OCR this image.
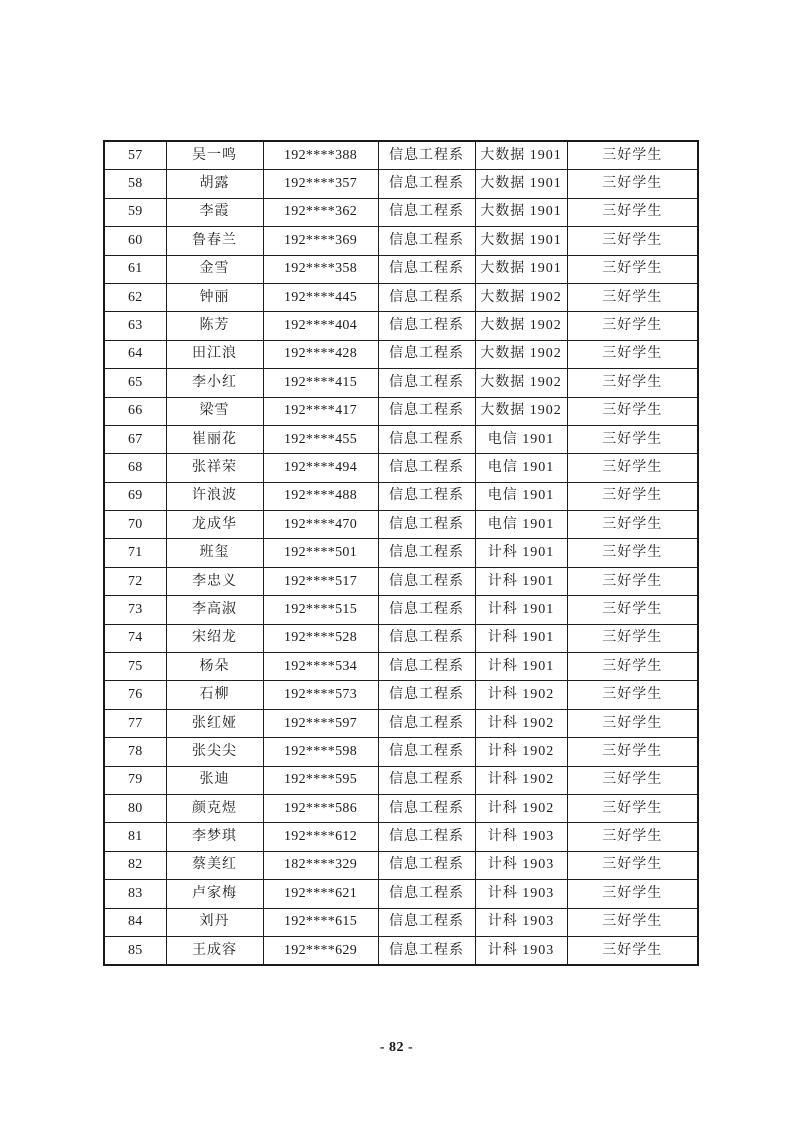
57	吴一鸣	192****388	信息工程系	大数据 1901	三好学生
58	胡露	192****357	信息工程系	大数据 1901	三好学生
59	李霞	192****362	信息工程系	大数据 1901	三好学生
60	鲁春兰	192****369	信息工程系	大数据 1901	三好学生
61	金雪	192****358	信息工程系	大数据 1901	三好学生
62	钟丽	192****445	信息工程系	大数据 1902	三好学生
63	陈芳	192****404	信息工程系	大数据 1902	三好学生
64	田江浪	192****428	信息工程系	大数据 1902	三好学生
65	李小红	192****415	信息工程系	大数据 1902	三好学生
66	梁雪	192****417	信息工程系	大数据 1902	三好学生
67	崔丽花	192****455	信息工程系	电信 1901	三好学生
68	张祥荣	192****494	信息工程系	电信 1901	三好学生
69	许浪波	192****488	信息工程系	电信 1901	三好学生
70	龙成华	192****470	信息工程系	电信 1901	三好学生
71	班玺	192****501	信息工程系	计科 1901	三好学生
72	李忠义	192****517	信息工程系	计科 1901	三好学生
73	李高淑	192****515	信息工程系	计科 1901	三好学生
74	宋绍龙	192****528	信息工程系	计科 1901	三好学生
75	杨朵	192****534	信息工程系	计科 1901	三好学生
76	石柳	192****573	信息工程系	计科 1902	三好学生
77	张红娅	192****597	信息工程系	计科 1902	三好学生
78	张尖尖	192****598	信息工程系	计科 1902	三好学生
79	张迪	192****595	信息工程系	计科 1902	三好学生
80	颜克煜	192****586	信息工程系	计科 1902	三好学生
81	李梦琪	192****612	信息工程系	计科 1903	三好学生
82	蔡美红	182****329	信息工程系	计科 1903	三好学生
83	卢家梅	192****621	信息工程系	计科 1903	三好学生
84	刘丹	192****615	信息工程系	计科 1903	三好学生
85	王成容	192****629	信息工程系	计科 1903	三好学生
- 82 -
